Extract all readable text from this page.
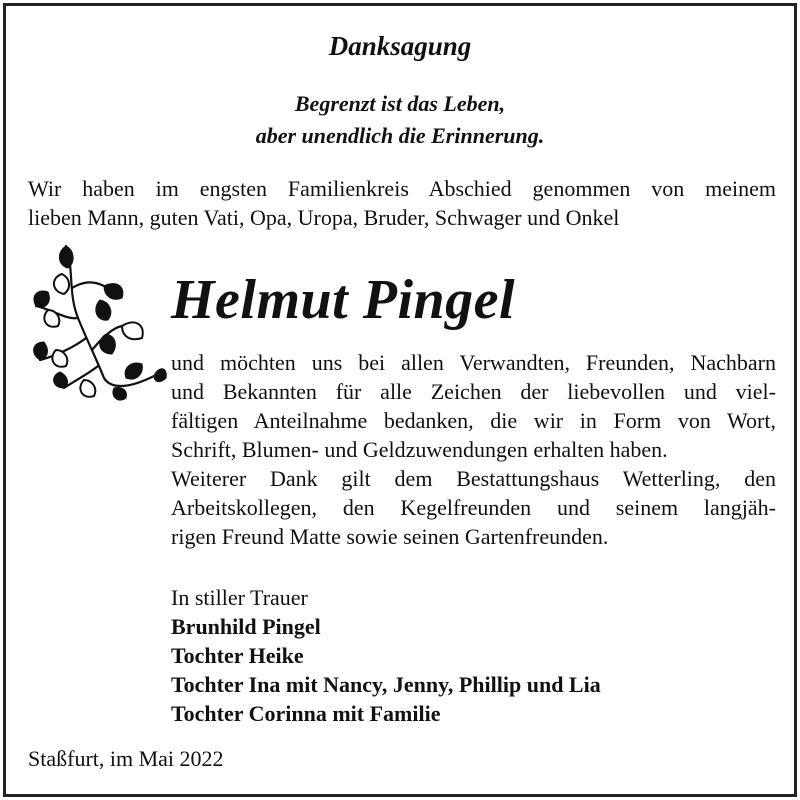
Danksagung
Begrenzt ist das Leben,
aber unendlich die Erinnerung.
Wir haben im engsten Familienkreis Abschied genommen von meinem
lieben Mann, guten Vati, Opa, Uropa, Bruder, Schwager und Onkel
Helmut Pingel
und möchten uns bei allen Verwandten, Freunden, Nachbarn
und Bekannten für alle Zeichen der liebevollen und viel-
fältigen Anteilnahme bedanken, die wir in Form von Wort,
Schrift, Blumen- und Geldzuwendungen erhalten haben.
Weiterer Dank gilt dem Bestattungshaus Wetterling, den
Arbeitskollegen, den Kegelfreunden und seinem langjäh-
rigen Freund Matte sowie seinen Gartenfreunden.
In stiller Trauer
Brunhild Pingel
Tochter Heike
Tochter Ina mit Nancy, Jenny, Phillip und Lia
Tochter Corinna mit Familie
Staßfurt, im Mai 2022
